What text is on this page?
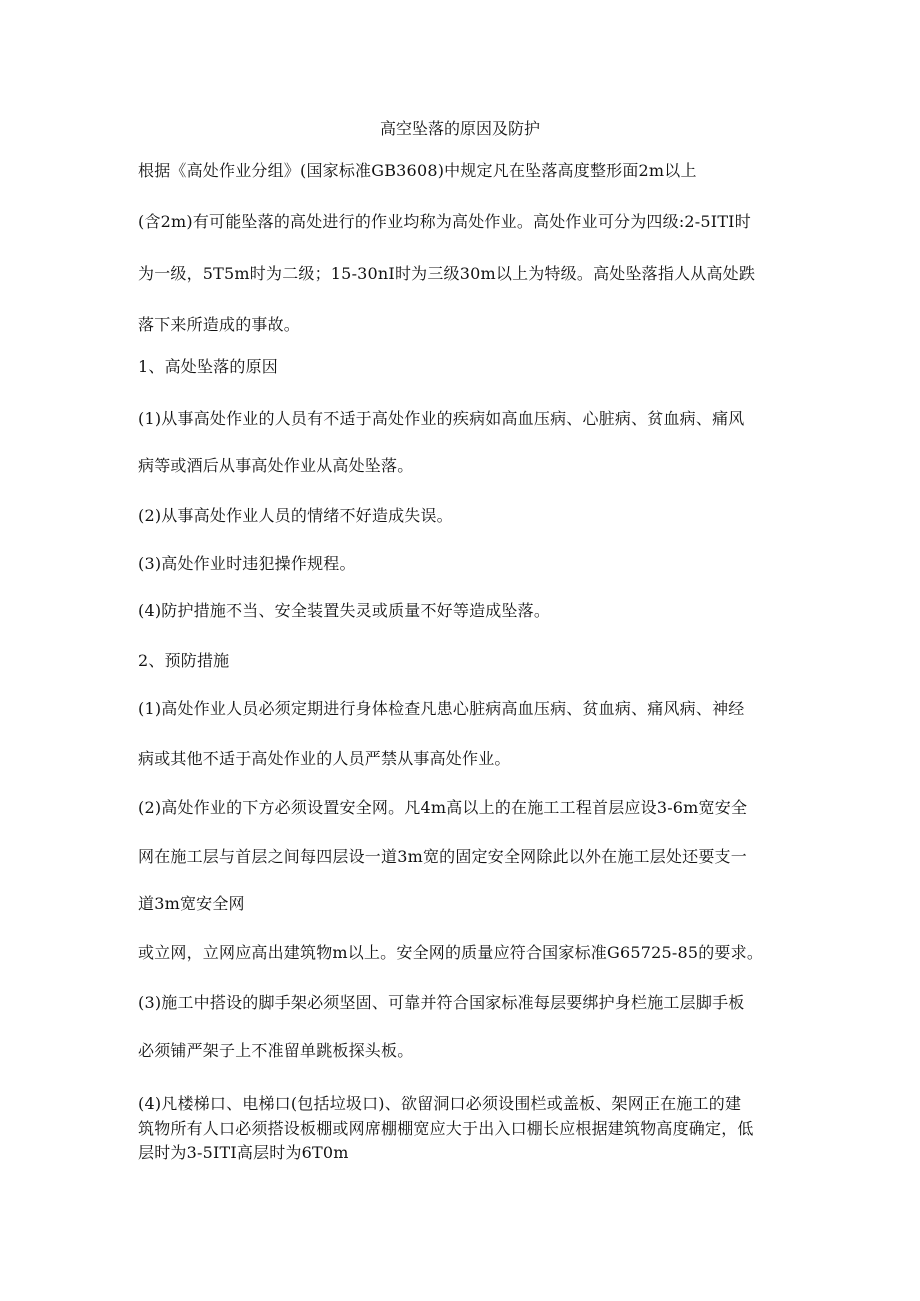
高空坠落的原因及防护

根据《高处作业分组》(国家标准GB3608)中规定凡在坠落高度整形面2m以上

(含2m)有可能坠落的高处进行的作业均称为高处作业。高处作业可分为四级:2-5ITI时

为一级，5T5m时为二级；15-30nI时为三级30m以上为特级。高处坠落指人从高处跌

落下来所造成的事故。

1、高处坠落的原因

(1)从事高处作业的人员有不适于高处作业的疾病如高血压病、心脏病、贫血病、痛风

病等或酒后从事高处作业从高处坠落。

(2)从事高处作业人员的情绪不好造成失误。

(3)高处作业时违犯操作规程。

(4)防护措施不当、安全装置失灵或质量不好等造成坠落。

2、预防措施

(1)高处作业人员必须定期进行身体检查凡患心脏病高血压病、贫血病、痛风病、神经

病或其他不适于高处作业的人员严禁从事高处作业。

(2)高处作业的下方必须设置安全网。凡4m高以上的在施工工程首层应设3-6m宽安全

网在施工层与首层之间每四层设一道3m宽的固定安全网除此以外在施工层处还要支一

道3m宽安全网

或立网，立网应高出建筑物m以上。安全网的质量应符合国家标准G65725-85的要求。

(3)施工中搭设的脚手架必须坚固、可靠并符合国家标准每层要绑护身栏施工层脚手板

必须铺严架子上不准留单跳板探头板。

(4)凡楼梯口、电梯口(包括垃圾口)、欲留洞口必须设围栏或盖板、架网正在施工的建

筑物所有人口必须搭设板棚或网席棚棚宽应大于出入口棚长应根据建筑物高度确定，低

层时为3-5ITI高层时为6T0m
